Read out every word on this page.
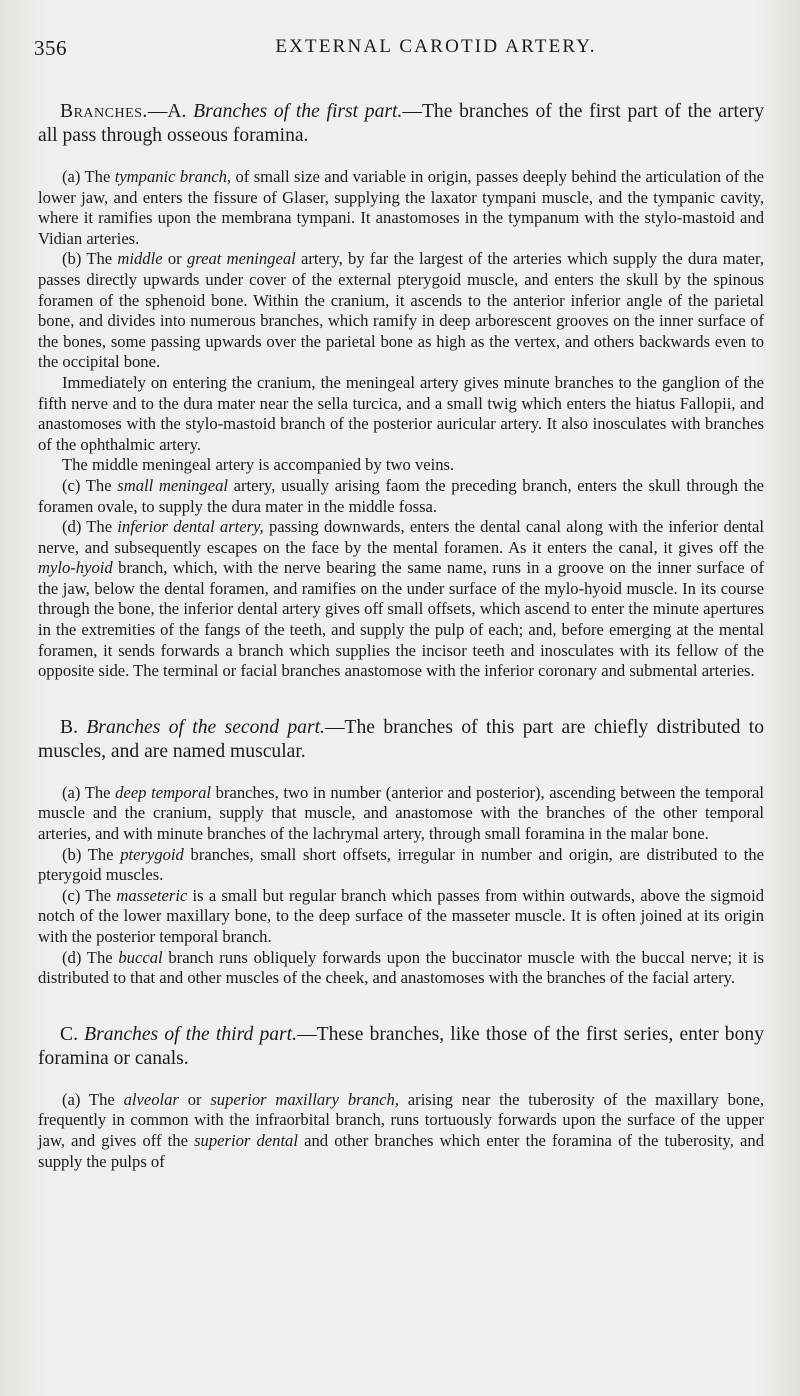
356	EXTERNAL CAROTID ARTERY.

Branches.—A. Branches of the first part.—The branches of the first part of the artery all pass through osseous foramina.

(a) The tympanic branch, of small size and variable in origin, passes deeply behind the articulation of the lower jaw, and enters the fissure of Glaser, supplying the laxator tympani muscle, and the tympanic cavity, where it ramifies upon the membrana tympani. It anastomoses in the tympanum with the stylo-mastoid and Vidian arteries.

(b) The middle or great meningeal artery, by far the largest of the arteries which supply the dura mater, passes directly upwards under cover of the external pterygoid muscle, and enters the skull by the spinous foramen of the sphenoid bone. Within the cranium, it ascends to the anterior inferior angle of the parietal bone, and divides into numerous branches, which ramify in deep arborescent grooves on the inner surface of the bones, some passing upwards over the parietal bone as high as the vertex, and others backwards even to the occipital bone.

Immediately on entering the cranium, the meningeal artery gives minute branches to the ganglion of the fifth nerve and to the dura mater near the sella turcica, and a small twig which enters the hiatus Fallopii, and anastomoses with the stylo-mastoid branch of the posterior auricular artery. It also inosculates with branches of the ophthalmic artery.

The middle meningeal artery is accompanied by two veins.

(c) The small meningeal artery, usually arising faom the preceding branch, enters the skull through the foramen ovale, to supply the dura mater in the middle fossa.

(d) The inferior dental artery, passing downwards, enters the dental canal along with the inferior dental nerve, and subsequently escapes on the face by the mental foramen. As it enters the canal, it gives off the mylo-hyoid branch, which, with the nerve bearing the same name, runs in a groove on the inner surface of the jaw, below the dental foramen, and ramifies on the under surface of the mylo-hyoid muscle. In its course through the bone, the inferior dental artery gives off small offsets, which ascend to enter the minute apertures in the extremities of the fangs of the teeth, and supply the pulp of each; and, before emerging at the mental foramen, it sends forwards a branch which supplies the incisor teeth and inosculates with its fellow of the opposite side. The terminal or facial branches anastomose with the inferior coronary and submental arteries.

B. Branches of the second part.—The branches of this part are chiefly distributed to muscles, and are named muscular.

(a) The deep temporal branches, two in number (anterior and posterior), ascending between the temporal muscle and the cranium, supply that muscle, and anastomose with the branches of the other temporal arteries, and with minute branches of the lachrymal artery, through small foramina in the malar bone.

(b) The pterygoid branches, small short offsets, irregular in number and origin, are distributed to the pterygoid muscles.

(c) The masseteric is a small but regular branch which passes from within outwards, above the sigmoid notch of the lower maxillary bone, to the deep surface of the masseter muscle. It is often joined at its origin with the posterior temporal branch.

(d) The buccal branch runs obliquely forwards upon the buccinator muscle with the buccal nerve; it is distributed to that and other muscles of the cheek, and anastomoses with the branches of the facial artery.

C. Branches of the third part.—These branches, like those of the first series, enter bony foramina or canals.

(a) The alveolar or superior maxillary branch, arising near the tuberosity of the maxillary bone, frequently in common with the infraorbital branch, runs tortuously forwards upon the surface of the upper jaw, and gives off the superior dental and other branches which enter the foramina of the tuberosity, and supply the pulps of
